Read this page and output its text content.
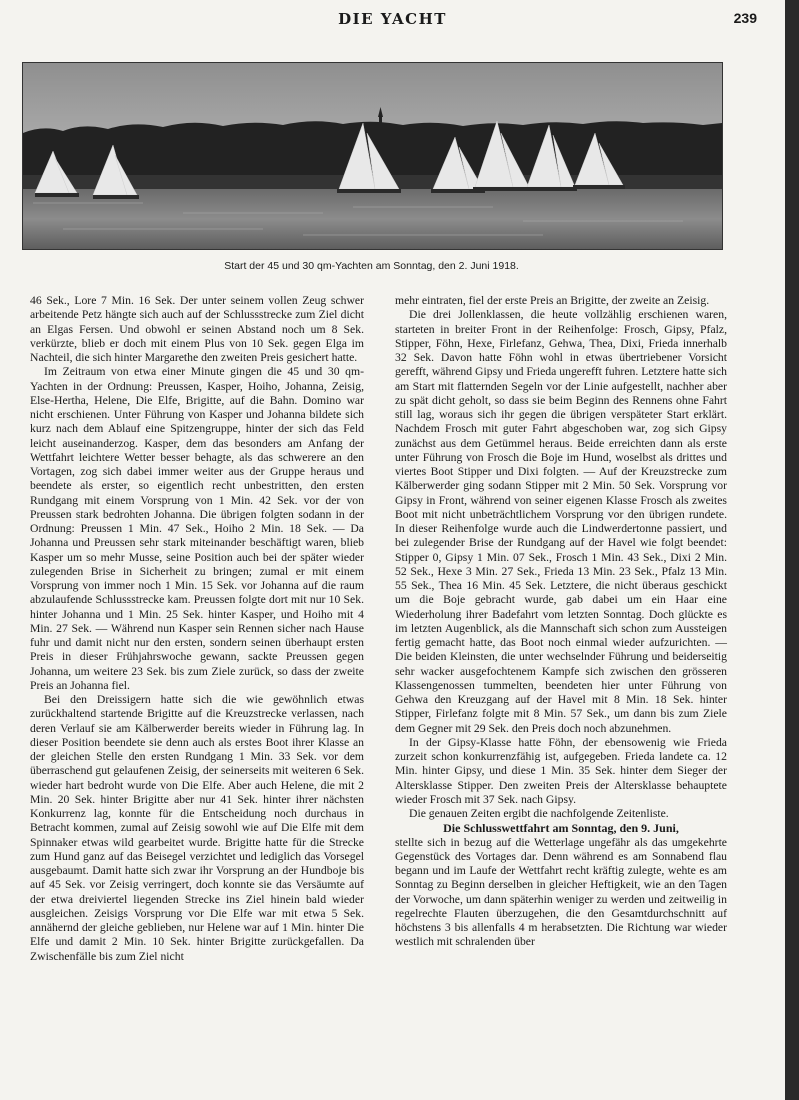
DIE YACHT	239
Start der 45 und 30 qm-Yachten am Sonntag, den 2. Juni 1918.

46 Sek., Lore 7 Min. 16 Sek. Der unter seinem vollen Zeug schwer arbeitende Petz hängte sich auch auf der Schlussstrecke zum Ziel dicht an Elgas Fersen. Und obwohl er seinen Abstand noch um 8 Sek. verkürzte, blieb er doch mit einem Plus von 10 Sek. gegen Elga im Nachteil, die sich hinter Margarethe den zweiten Preis gesichert hatte.

Im Zeitraum von etwa einer Minute gingen die 45 und 30 qm-Yachten in der Ordnung: Preussen, Kasper, Hoiho, Johanna, Zeisig, Else-Hertha, Helene, Die Elfe, Brigitte, auf die Bahn. Domino war nicht erschienen. Unter Führung von Kasper und Johanna bildete sich kurz nach dem Ablauf eine Spitzengruppe, hinter der sich das Feld leicht auseinanderzog. Kasper, dem das besonders am Anfang der Wettfahrt leichtere Wetter besser behagte, als das schwerere an den Vortagen, zog sich dabei immer weiter aus der Gruppe heraus und beendete als erster, so eigentlich recht unbestritten, den ersten Rundgang mit einem Vorsprung von 1 Min. 42 Sek. vor der von Preussen stark bedrohten Johanna. Die übrigen folgten sodann in der Ordnung: Preussen 1 Min. 47 Sek., Hoiho 2 Min. 18 Sek. — Da Johanna und Preussen sehr stark miteinander beschäftigt waren, blieb Kasper um so mehr Musse, seine Position auch bei der später wieder zulegenden Brise in Sicherheit zu bringen; zumal er mit einem Vorsprung von immer noch 1 Min. 15 Sek. vor Johanna auf die raum abzulaufende Schlussstrecke kam. Preussen folgte dort mit nur 10 Sek. hinter Johanna und 1 Min. 25 Sek. hinter Kasper, und Hoiho mit 4 Min. 27 Sek. — Während nun Kasper sein Rennen sicher nach Hause fuhr und damit nicht nur den ersten, sondern seinen überhaupt ersten Preis in dieser Frühjahrswoche gewann, sackte Preussen gegen Johanna, um weitere 23 Sek. bis zum Ziele zurück, so dass der zweite Preis an Johanna fiel.

Bei den Dreissigern hatte sich die wie gewöhnlich etwas zurückhaltend startende Brigitte auf die Kreuzstrecke verlassen, nach deren Verlauf sie am Kälberwerder bereits wieder in Führung lag. In dieser Position beendete sie denn auch als erstes Boot ihrer Klasse an der gleichen Stelle den ersten Rundgang 1 Min. 33 Sek. vor dem überraschend gut gelaufenen Zeisig, der seinerseits mit weiteren 6 Sek. wieder hart bedroht wurde von Die Elfe. Aber auch Helene, die mit 2 Min. 20 Sek. hinter Brigitte aber nur 41 Sek. hinter ihrer nächsten Konkurrenz lag, konnte für die Entscheidung noch durchaus in Betracht kommen, zumal auf Zeisig sowohl wie auf Die Elfe mit dem Spinnaker etwas wild gearbeitet wurde. Brigitte hatte für die Strecke zum Hund ganz auf das Beisegel verzichtet und lediglich das Vorsegel ausgebaumt. Damit hatte sich zwar ihr Vorsprung an der Hundboje bis auf 45 Sek. vor Zeisig verringert, doch konnte sie das Versäumte auf der etwa dreiviertel liegenden Strecke ins Ziel hinein bald wieder ausgleichen. Zeisigs Vorsprung vor Die Elfe war mit etwa 5 Sek. annähernd der gleiche geblieben, nur Helene war auf 1 Min. hinter Die Elfe und damit 2 Min. 10 Sek. hinter Brigitte zurückgefallen. Da Zwischenfälle bis zum Ziel nicht

mehr eintraten, fiel der erste Preis an Brigitte, der zweite an Zeisig.

Die drei Jollenklassen, die heute vollzählig erschienen waren, starteten in breiter Front in der Reihenfolge: Frosch, Gipsy, Pfalz, Stipper, Föhn, Hexe, Firlefanz, Gehwa, Thea, Dixi, Frieda innerhalb 32 Sek. Davon hatte Föhn wohl in etwas übertriebener Vorsicht gerefft, während Gipsy und Frieda ungerefft fuhren. Letztere hatte sich am Start mit flatternden Segeln vor der Linie aufgestellt, nachher aber zu spät dicht geholt, so dass sie beim Beginn des Rennens ohne Fahrt still lag, woraus sich ihr gegen die übrigen verspäteter Start erklärt. Nachdem Frosch mit guter Fahrt abgeschoben war, zog sich Gipsy zunächst aus dem Getümmel heraus. Beide erreichten dann als erste unter Führung von Frosch die Boje im Hund, woselbst als drittes und viertes Boot Stipper und Dixi folgten. — Auf der Kreuzstrecke zum Kälberwerder ging sodann Stipper mit 2 Min. 50 Sek. Vorsprung vor Gipsy in Front, während von seiner eigenen Klasse Frosch als zweites Boot mit nicht unbeträchtlichem Vorsprung vor den übrigen rundete. In dieser Reihenfolge wurde auch die Lindwerdertonne passiert, und bei zulegender Brise der Rundgang auf der Havel wie folgt beendet: Stipper 0, Gipsy 1 Min. 07 Sek., Frosch 1 Min. 43 Sek., Dixi 2 Min. 52 Sek., Hexe 3 Min. 27 Sek., Frieda 13 Min. 23 Sek., Pfalz 13 Min. 55 Sek., Thea 16 Min. 45 Sek. Letztere, die nicht überaus geschickt um die Boje gebracht wurde, gab dabei um ein Haar eine Wiederholung ihrer Badefahrt vom letzten Sonntag. Doch glückte es im letzten Augenblick, als die Mannschaft sich schon zum Aussteigen fertig gemacht hatte, das Boot noch einmal wieder aufzurichten. — Die beiden Kleinsten, die unter wechselnder Führung und beiderseitig sehr wacker ausgefochtenem Kampfe sich zwischen den grösseren Klassengenossen tummelten, beendeten hier unter Führung von Gehwa den Kreuzgang auf der Havel mit 8 Min. 18 Sek. hinter Stipper, Firlefanz folgte mit 8 Min. 57 Sek., um dann bis zum Ziele dem Gegner mit 29 Sek. den Preis doch noch abzunehmen.

In der Gipsy-Klasse hatte Föhn, der ebensowenig wie Frieda zurzeit schon konkurrenzfähig ist, aufgegeben. Frieda landete ca. 12 Min. hinter Gipsy, und diese 1 Min. 35 Sek. hinter dem Sieger der Altersklasse Stipper. Den zweiten Preis der Altersklasse behauptete wieder Frosch mit 37 Sek. nach Gipsy.

Die genauen Zeiten ergibt die nachfolgende Zeitenliste.

Die Schlusswettfahrt am Sonntag, den 9. Juni,

stellte sich in bezug auf die Wetterlage ungefähr als das umgekehrte Gegenstück des Vortages dar. Denn während es am Sonnabend flau begann und im Laufe der Wettfahrt recht kräftig zulegte, wehte es am Sonntag zu Beginn derselben in gleicher Heftigkeit, wie an den Tagen der Vorwoche, um dann späterhin weniger zu werden und zeitweilig in regelrechte Flauten überzugehen, die den Gesamtdurchschnitt auf höchstens 3 bis allenfalls 4 m herabsetzten. Die Richtung war wieder westlich mit schralenden über
